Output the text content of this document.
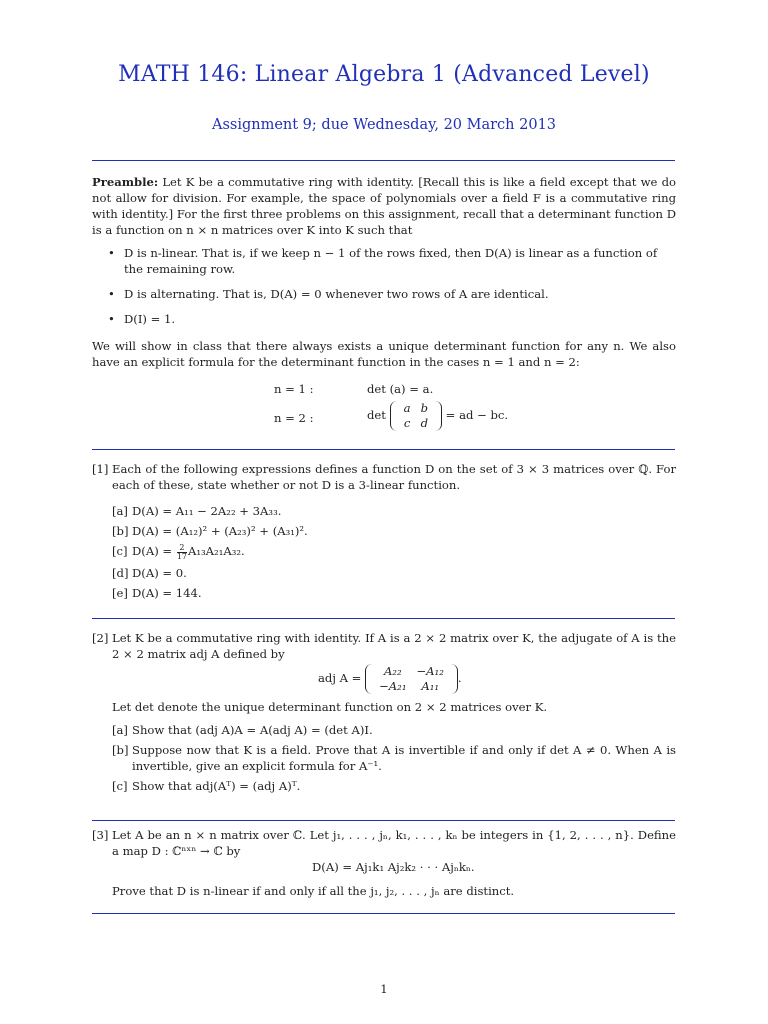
MATH 146: Linear Algebra 1 (Advanced Level)
Assignment 9; due Wednesday, 20 March 2013
Preamble: Let K be a commutative ring with identity. [Recall this is like a field except that we do not allow for division. For example, the space of polynomials over a field F is a commutative ring with identity.] For the first three problems on this assignment, recall that a determinant function D is a function on n × n matrices over K into K such that
• D is n-linear. That is, if we keep n − 1 of the rows fixed, then D(A) is linear as a function of the remaining row.
• D is alternating. That is, D(A) = 0 whenever two rows of A are identical.
• D(I) = 1.
We will show in class that there always exists a unique determinant function for any n. We also have an explicit formula for the determinant function in the cases n = 1 and n = 2:
n = 1 :	det (a) = a.
n = 2 :	det a	b
c	d
= ad − bc.
[1] Each of the following expressions defines a function D on the set of 3 × 3 matrices over ℚ. For each of these, state whether or not D is a 3-linear function.
[a] D(A) = A₁₁ − 2A₂₂ + 3A₃₃.
[b] D(A) = (A₁₂)² + (A₂₃)² + (A₃₁)².
[c] $D(A) = \frac{2}{17} A_{13}A_{21}A_{32}$.
[d] D(A) = 0.
[e] D(A) = 144.
[2] Let K be a commutative ring with identity. If A is a 2 × 2 matrix over K, the adjugate of A is the 2 × 2 matrix adj A defined by
adj A = A₂₂	−A₁₂
−A₂₁	A₁₁
.
Let det denote the unique determinant function on 2 × 2 matrices over K.
[a] Show that (adj A)A = A(adj A) = (det A)I.
[b] Suppose now that K is a field. Prove that A is invertible if and only if det A ≠ 0. When A is invertible, give an explicit formula for A⁻¹.
[c] Show that adj(Aᵀ) = (adj A)ᵀ.
[3] Let A be an n × n matrix over ℂ. Let j₁, . . . , jₙ, k₁, . . . , kₙ be integers in {1, 2, . . . , n}. Define a map D : ℂⁿˣⁿ → ℂ by
D(A) = Aj₁k₁ Aj₂k₂ · · · Ajₙkₙ.
Prove that D is n-linear if and only if all the j₁, j₂, . . . , jₙ are distinct.
1
